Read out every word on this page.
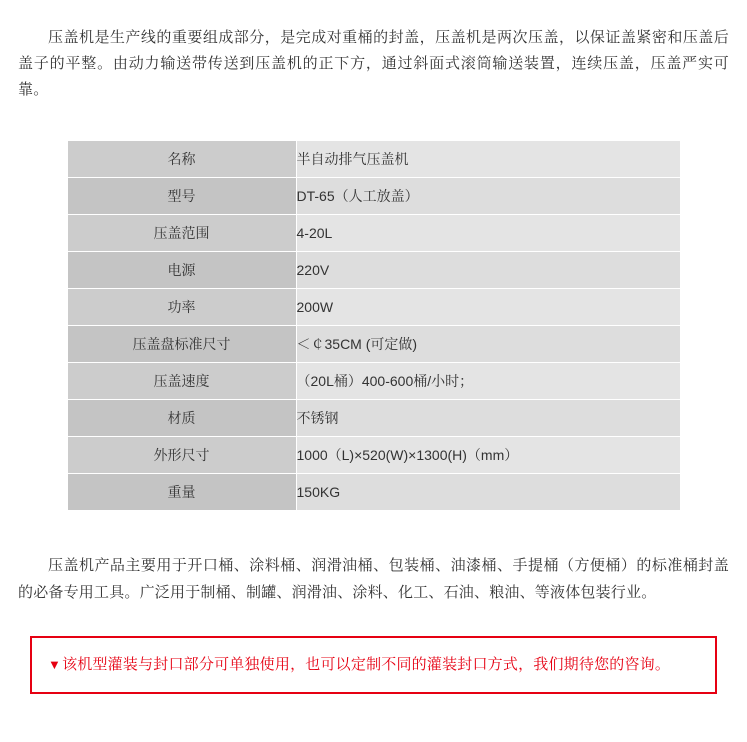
压盖机是生产线的重要组成部分，是完成对重桶的封盖，压盖机是两次压盖，以保证盖紧密和压盖后盖子的平整。由动力输送带传送到压盖机的正下方，通过斜面式滚筒输送装置，连续压盖，压盖严实可靠。

名称	半自动排气压盖机
型号	DT-65（人工放盖）
压盖范围	4-20L
电源	220V
功率	200W
压盖盘标准尺寸	＜￠35CM (可定做)
压盖速度	（20L桶）400-600桶/小时；
材质	不锈钢
外形尺寸	1000（L)×520(W)×1300(H)（mm）
重量	150KG

压盖机产品主要用于开口桶、涂料桶、润滑油桶、包装桶、油漆桶、手提桶（方便桶）的标准桶封盖的必备专用工具。广泛用于制桶、制罐、润滑油、涂料、化工、石油、粮油、等液体包装行业。

▼该机型灌装与封口部分可单独使用，也可以定制不同的灌装封口方式，我们期待您的咨询。
